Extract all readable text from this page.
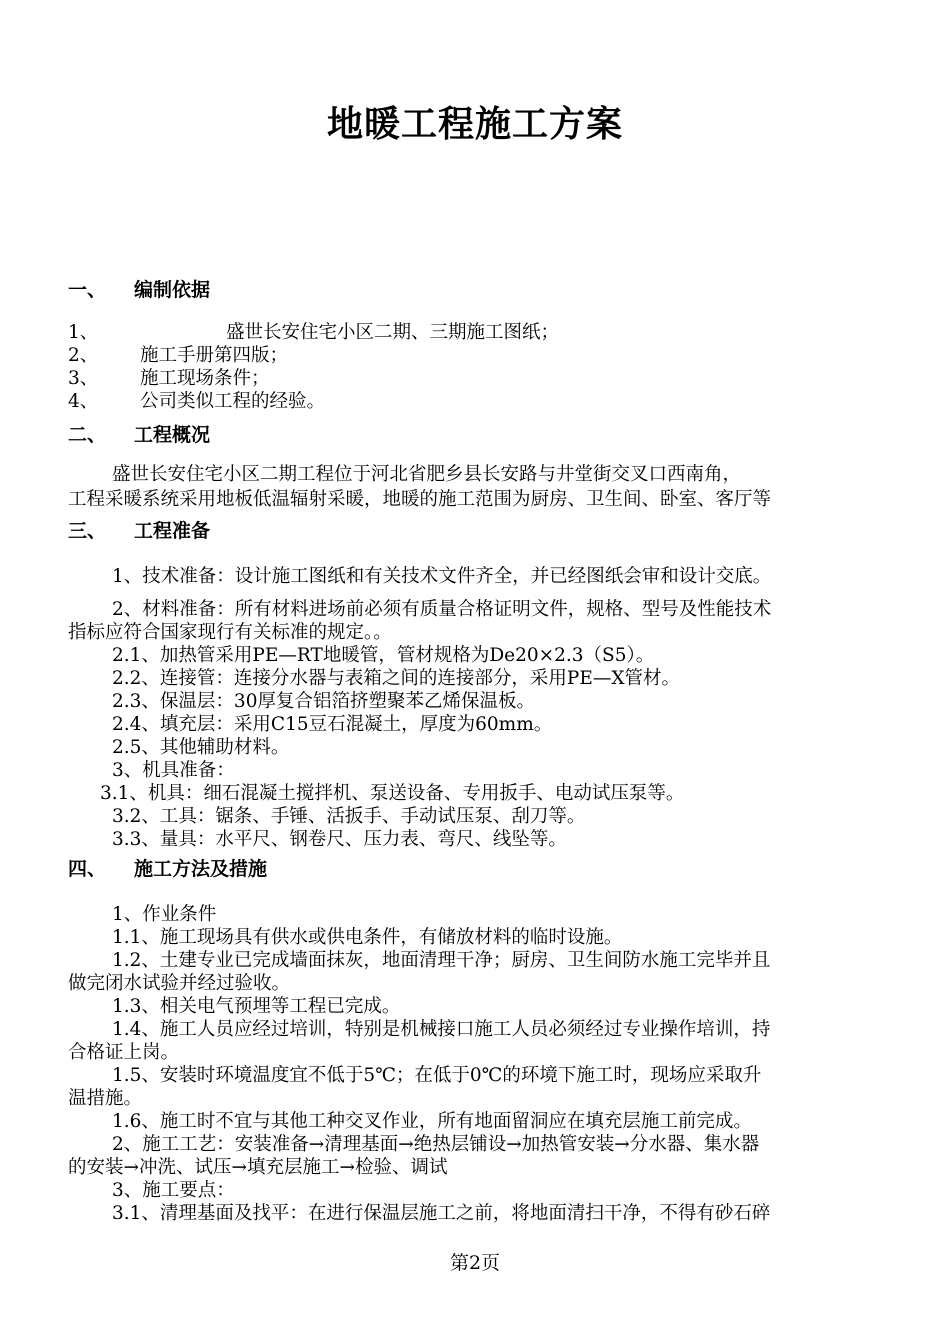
地暖工程施工方案
一、 编制依据
1、	盛世长安住宅小区二期、三期施工图纸；
2、 施工手册第四版；
3、 施工现场条件；
4、 公司类似工程的经验。
二、 工程概况
盛世长安住宅小区二期工程位于河北省肥乡县长安路与井堂街交叉口西南角，
工程采暖系统采用地板低温辐射采暖，地暖的施工范围为厨房、卫生间、卧室、客厅等
三、 工程准备
1、技术准备：设计施工图纸和有关技术文件齐全，并已经图纸会审和设计交底。
2、材料准备：所有材料进场前必须有质量合格证明文件，规格、型号及性能技术
指标应符合国家现行有关标准的规定。。
2.1、加热管采用PE—RT地暖管，管材规格为De20×2.3（S5）。
2.2、连接管：连接分水器与表箱之间的连接部分，采用PE—X管材。
2.3、保温层：30厚复合铝箔挤塑聚苯乙烯保温板。
2.4、填充层：采用C15豆石混凝土，厚度为60mm。
2.5、其他辅助材料。
3、机具准备：
3.1、机具：细石混凝土搅拌机、泵送设备、专用扳手、电动试压泵等。
3.2、工具：锯条、手锤、活扳手、手动试压泵、刮刀等。
3.3、量具：水平尺、钢卷尺、压力表、弯尺、线坠等。
四、 施工方法及措施
1、作业条件
1.1、施工现场具有供水或供电条件，有储放材料的临时设施。
1.2、土建专业已完成墙面抹灰，地面清理干净；厨房、卫生间防水施工完毕并且
做完闭水试验并经过验收。
1.3、相关电气预埋等工程已完成。
1.4、施工人员应经过培训，特别是机械接口施工人员必须经过专业操作培训，持
合格证上岗。
1.5、安装时环境温度宜不低于5℃；在低于0℃的环境下施工时，现场应采取升
温措施。
1.6、施工时不宜与其他工种交叉作业，所有地面留洞应在填充层施工前完成。
2、施工工艺：安装准备→清理基面→绝热层铺设→加热管安装→分水器、集水器
的安装→冲洗、试压→填充层施工→检验、调试
3、施工要点：
3.1、清理基面及找平：在进行保温层施工之前，将地面清扫干净，不得有砂石碎
第2页
